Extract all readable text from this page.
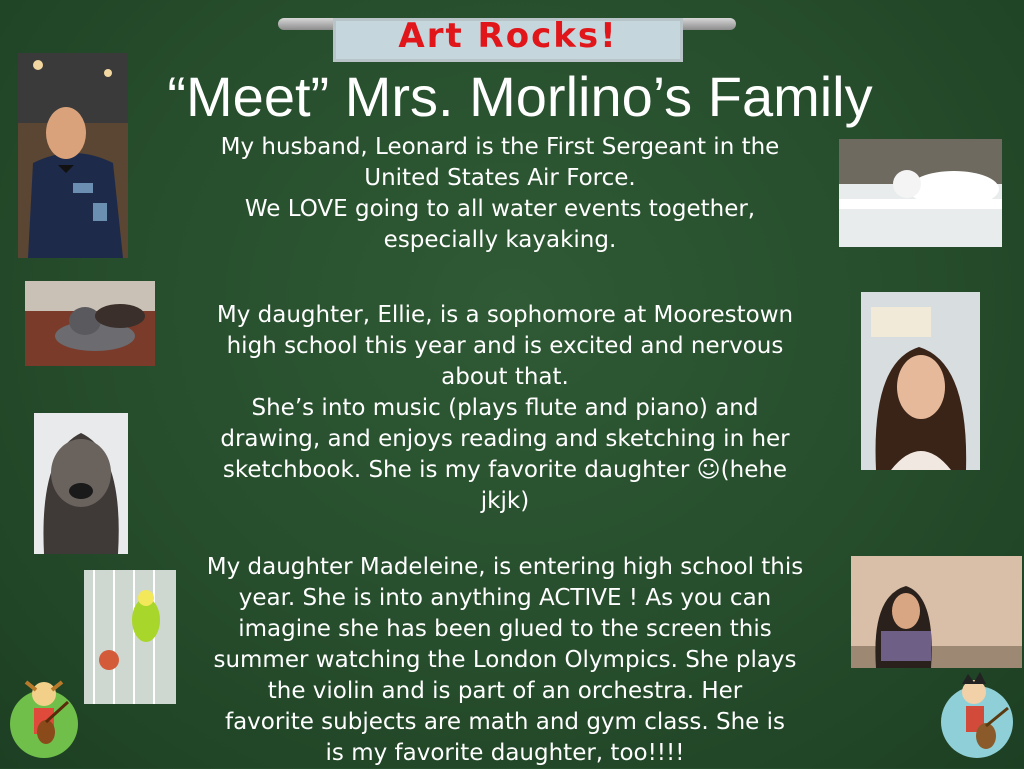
Art Rocks!
“Meet” Mrs. Morlino’s Family
My husband, Leonard is the First Sergeant in the
United States Air Force.
We LOVE going to all water events together,
especially kayaking.
My daughter, Ellie, is a sophomore at Moorestown
high school this year and is excited and nervous
about that.
She’s into music (plays flute and piano) and
drawing, and enjoys reading and sketching in her
sketchbook. She is my favorite daughter ☺(hehe
jkjk)
My daughter Madeleine, is entering high school this
year. She is into anything ACTIVE ! As you can
imagine she has been glued to the screen this
summer watching the London Olympics. She plays
the violin and is part of an orchestra. Her
favorite subjects are math and gym class. She is
is my favorite daughter, too!!!!
